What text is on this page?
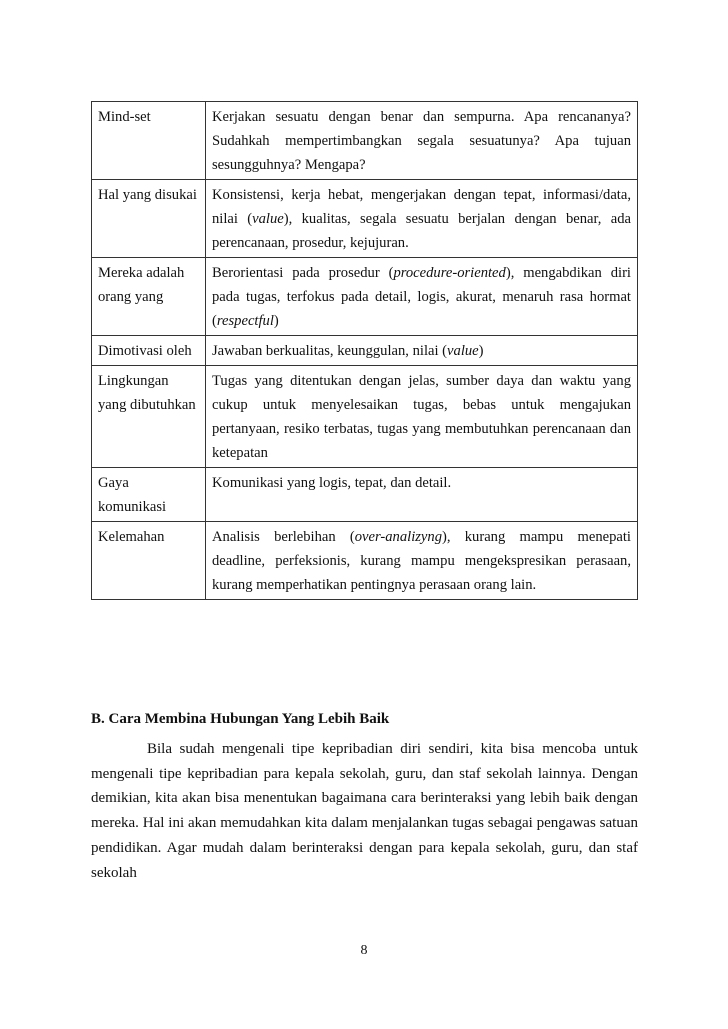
Mind-set	Kerjakan sesuatu dengan benar dan sempurna. Apa rencananya? Sudahkah mempertimbangkan segala sesuatunya? Apa tujuan sesungguhnya? Mengapa?
Hal yang disukai	Konsistensi, kerja hebat, mengerjakan dengan tepat, informasi/data, nilai (value), kualitas, segala sesuatu berjalan dengan benar, ada perencanaan, prosedur, kejujuran.
Mereka adalah orang yang	Berorientasi pada prosedur (procedure-oriented), mengabdikan diri pada tugas, terfokus pada detail, logis, akurat, menaruh rasa hormat (respectful)
Dimotivasi oleh	Jawaban berkualitas, keunggulan, nilai (value)
Lingkungan yang dibutuhkan	Tugas yang ditentukan dengan jelas, sumber daya dan waktu yang cukup untuk menyelesaikan tugas, bebas untuk mengajukan pertanyaan, resiko terbatas, tugas yang membutuhkan perencanaan dan ketepatan
Gaya komunikasi	Komunikasi yang logis, tepat, dan detail.
Kelemahan	Analisis berlebihan (over-analizyng), kurang mampu menepati deadline, perfeksionis, kurang mampu mengekspresikan perasaan, kurang memperhatikan pentingnya perasaan orang lain.
B. Cara Membina Hubungan Yang Lebih Baik

Bila sudah mengenali tipe kepribadian diri sendiri, kita bisa mencoba untuk mengenali tipe kepribadian para kepala sekolah, guru, dan staf sekolah lainnya. Dengan demikian, kita akan bisa menentukan bagaimana cara berinteraksi yang lebih baik dengan mereka. Hal ini akan memudahkan kita dalam menjalankan tugas sebagai pengawas satuan pendidikan. Agar mudah dalam berinteraksi dengan para kepala sekolah, guru, dan staf sekolah

8
